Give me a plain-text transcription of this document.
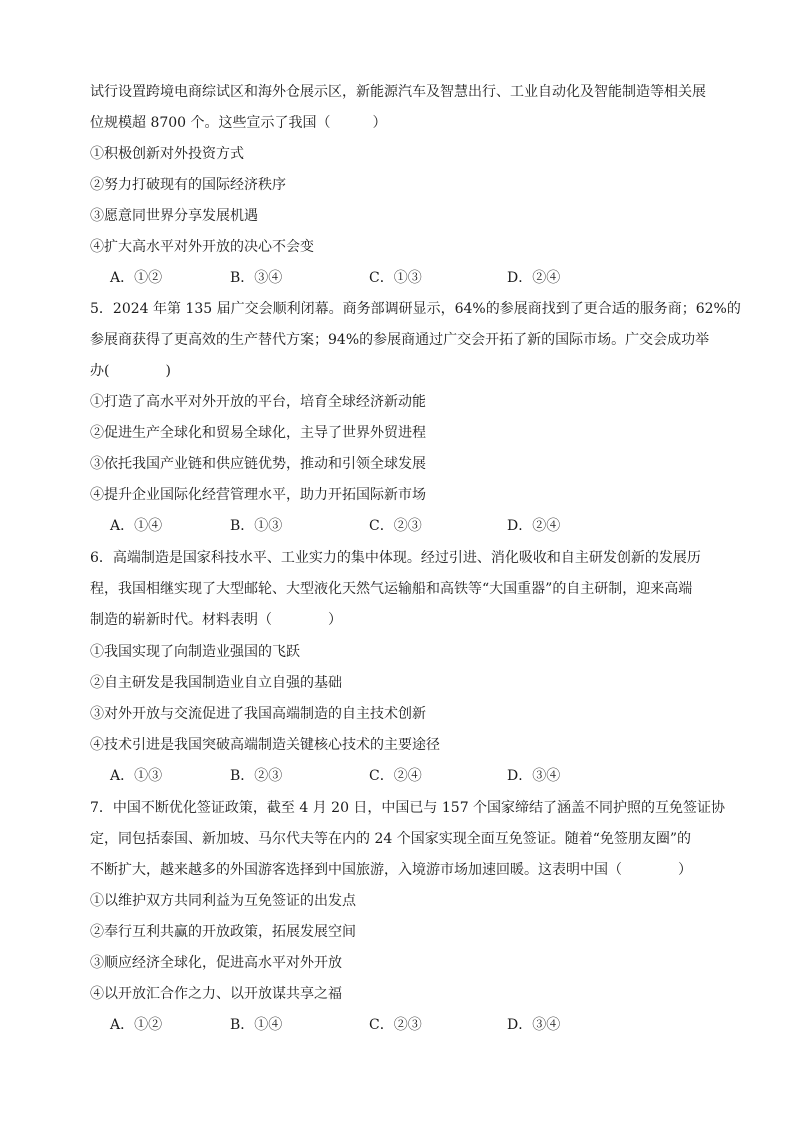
试行设置跨境电商综试区和海外仓展示区，新能源汽车及智慧出行、工业自动化及智能制造等相关展
位规模超 8700 个。这些宣示了我国（　　　）
①积极创新对外投资方式
②努力打破现有的国际经济秩序
③愿意同世界分享发展机遇
④扩大高水平对外开放的决心不会变
A．①②	B．③④	C．①③	D．②④
5．2024 年第 135 届广交会顺利闭幕。商务部调研显示，64%的参展商找到了更合适的服务商；62%的
参展商获得了更高效的生产替代方案；94%的参展商通过广交会开拓了新的国际市场。广交会成功举
办(　　　　)
①打造了高水平对外开放的平台，培育全球经济新动能
②促进生产全球化和贸易全球化，主导了世界外贸进程
③依托我国产业链和供应链优势，推动和引领全球发展
④提升企业国际化经营管理水平，助力开拓国际新市场
A．①④	B．①③	C．②③	D．②④
6．高端制造是国家科技水平、工业实力的集中体现。经过引进、消化吸收和自主研发创新的发展历
程，我国相继实现了大型邮轮、大型液化天然气运输船和高铁等“大国重器”的自主研制，迎来高端
制造的崭新时代。材料表明（　　　　）
①我国实现了向制造业强国的飞跃
②自主研发是我国制造业自立自强的基础
③对外开放与交流促进了我国高端制造的自主技术创新
④技术引进是我国突破高端制造关键核心技术的主要途径
A．①③	B．②③	C．②④	D．③④
7．中国不断优化签证政策，截至 4 月 20 日，中国已与 157 个国家缔结了涵盖不同护照的互免签证协
定，同包括泰国、新加坡、马尔代夫等在内的 24 个国家实现全面互免签证。随着“免签朋友圈”的
不断扩大，越来越多的外国游客选择到中国旅游，入境游市场加速回暖。这表明中国（　　　　）
①以维护双方共同利益为互免签证的出发点
②奉行互利共赢的开放政策，拓展发展空间
③顺应经济全球化，促进高水平对外开放
④以开放汇合作之力、以开放谋共享之福
A．①②	B．①④	C．②③	D．③④
